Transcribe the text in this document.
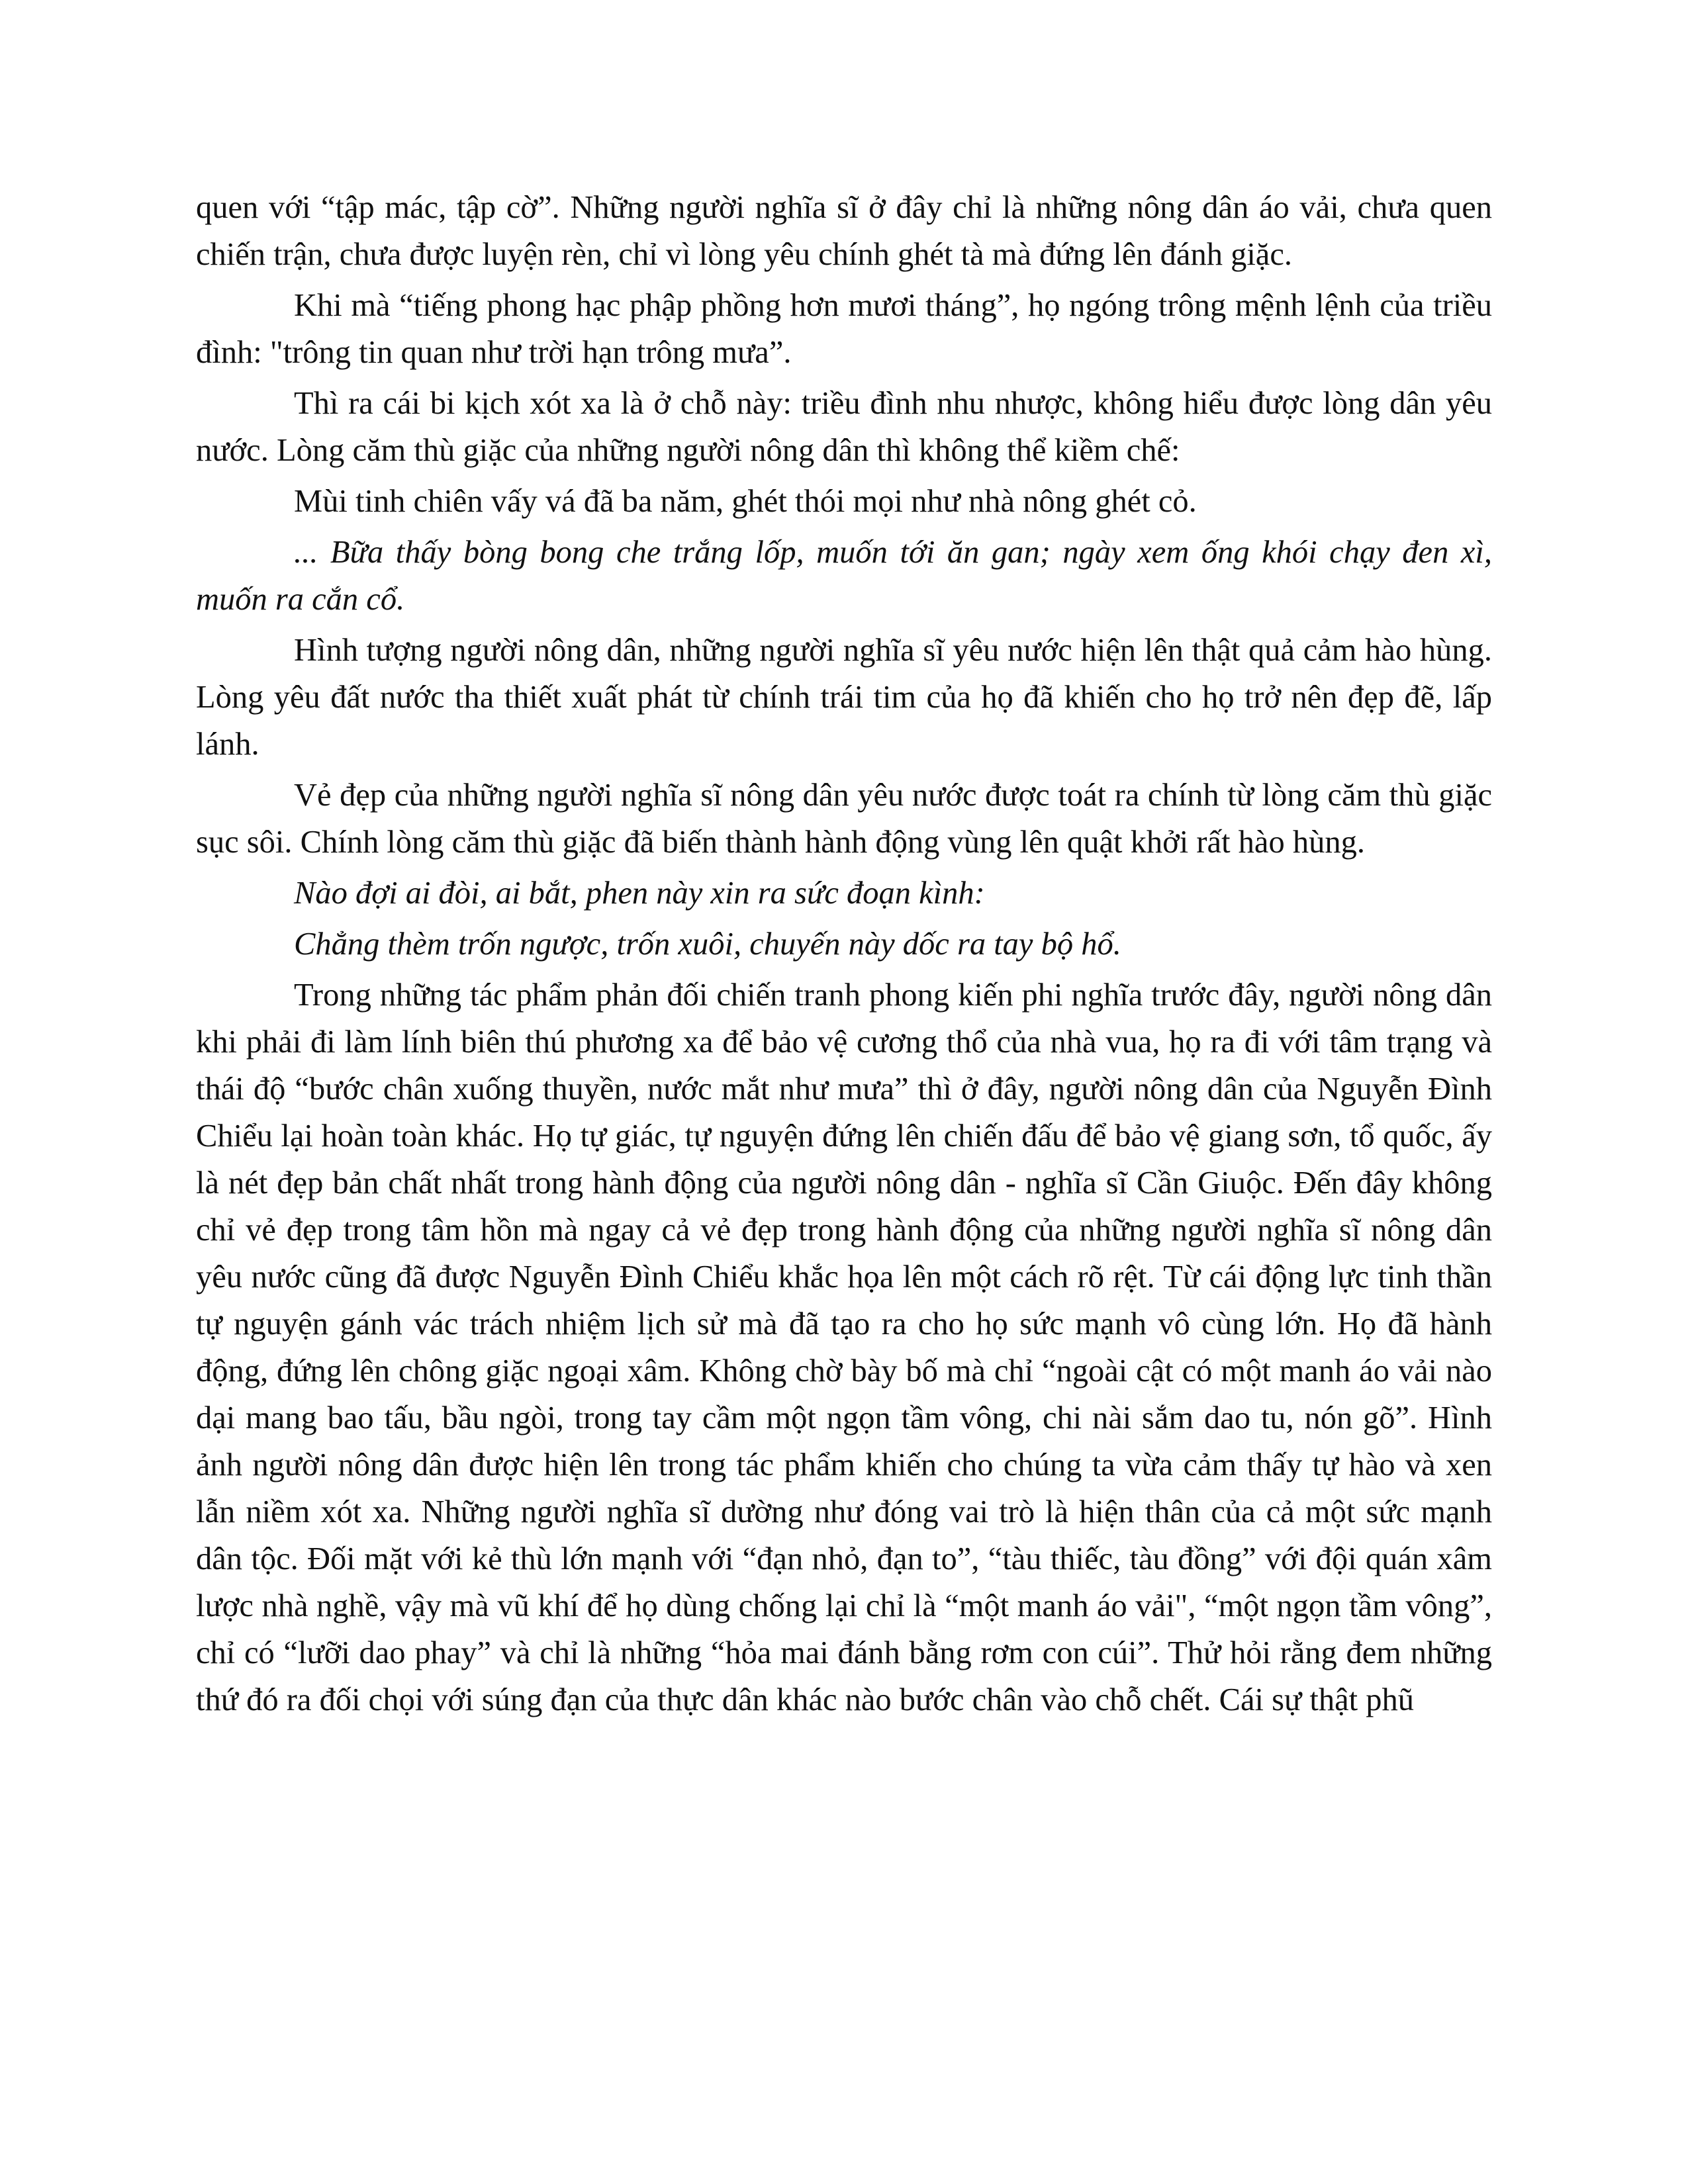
quen với “tập mác, tập cờ”. Những người nghĩa sĩ ở đây chỉ là những nông dân áo vải, chưa quen chiến trận, chưa được luyện rèn, chỉ vì lòng yêu chính ghét tà mà đứng lên đánh giặc.

Khi mà “tiếng phong hạc phập phồng hơn mươi tháng”, họ ngóng trông mệnh lệnh của triều đình: "trông tin quan như trời hạn trông mưa”.

Thì ra cái bi kịch xót xa là ở chỗ này: triều đình nhu nhược, không hiểu được lòng dân yêu nước. Lòng căm thù giặc của những người nông dân thì không thể kiềm chế:

Mùi tinh chiên vấy vá đã ba năm, ghét thói mọi như nhà nông ghét cỏ.

... Bữa thấy bòng bong che trắng lốp, muốn tới ăn gan; ngày xem ống khói chạy đen xì, muốn ra cắn cổ.

Hình tượng người nông dân, những người nghĩa sĩ yêu nước hiện lên thật quả cảm hào hùng. Lòng yêu đất nước tha thiết xuất phát từ chính trái tim của họ đã khiến cho họ trở nên đẹp đẽ, lấp lánh.

Vẻ đẹp của những người nghĩa sĩ nông dân yêu nước được toát ra chính từ lòng căm thù giặc sục sôi. Chính lòng căm thù giặc đã biến thành hành động vùng lên quật khởi rất hào hùng.

Nào đợi ai đòi, ai bắt, phen này xin ra sức đoạn kình:

Chẳng thèm trốn ngược, trốn xuôi, chuyến này dốc ra tay bộ hổ.

Trong những tác phẩm phản đối chiến tranh phong kiến phi nghĩa trước đây, người nông dân khi phải đi làm lính biên thú phương xa để bảo vệ cương thổ của nhà vua, họ ra đi với tâm trạng và thái độ “bước chân xuống thuyền, nước mắt như mưa” thì ở đây, người nông dân của Nguyễn Đình Chiểu lại hoàn toàn khác. Họ tự giác, tự nguyện đứng lên chiến đấu để bảo vệ giang sơn, tổ quốc, ấy là nét đẹp bản chất nhất trong hành động của người nông dân - nghĩa sĩ Cần Giuộc. Đến đây không chỉ vẻ đẹp trong tâm hồn mà ngay cả vẻ đẹp trong hành động của những người nghĩa sĩ nông dân yêu nước cũng đã được Nguyễn Đình Chiểu khắc họa lên một cách rõ rệt. Từ cái động lực tinh thần tự nguyện gánh vác trách nhiệm lịch sử mà đã tạo ra cho họ sức mạnh vô cùng lớn. Họ đã hành động, đứng lên chông giặc ngoại xâm. Không chờ bày bố mà chỉ “ngoài cật có một manh áo vải nào dại mang bao tấu, bầu ngòi, trong tay cầm một ngọn tầm vông, chi nài sắm dao tu, nón gõ”. Hình ảnh người nông dân được hiện lên trong tác phẩm khiến cho chúng ta vừa cảm thấy tự hào và xen lẫn niềm xót xa. Những người nghĩa sĩ dường như đóng vai trò là hiện thân của cả một sức mạnh dân tộc. Đối mặt với kẻ thù lớn mạnh với “đạn nhỏ, đạn to”, “tàu thiếc, tàu đồng” với đội quán xâm lược nhà nghề, vậy mà vũ khí để họ dùng chống lại chỉ là “một manh áo vải", “một ngọn tầm vông”, chỉ có “lưỡi dao phay” và chỉ là những “hỏa mai đánh bằng rơm con cúi”. Thử hỏi rằng đem những thứ đó ra đối chọi với súng đạn của thực dân khác nào bước chân vào chỗ chết. Cái sự thật phũ
